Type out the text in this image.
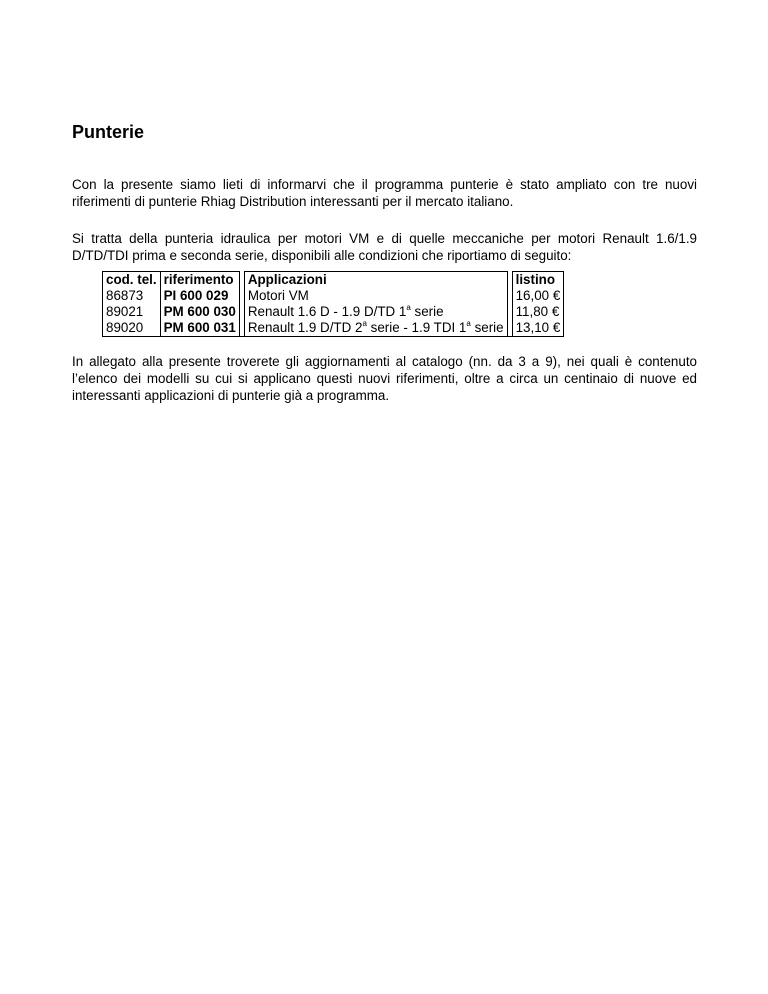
Punterie

Con la presente siamo lieti di informarvi che il programma punterie è stato ampliato con tre nuovi riferimenti di punterie Rhiag Distribution interessanti per il mercato italiano.

Si tratta della punteria idraulica per motori VM e di quelle meccaniche per motori Renault 1.6/1.9 D/TD/TDI prima e seconda serie, disponibili alle condizioni che riportiamo di seguito:

cod. tel.	riferimento		Applicazioni		listino
86873	PI 600 029		Motori VM		16,00 €
89021	PM 600 030		Renault 1.6 D - 1.9 D/TD 1$^a$ serie		11,80 €
89020	PM 600 031		Renault 1.9 D/TD 2$^a$ serie - 1.9 TDI 1$^a$ serie		13,10 €

In allegato alla presente troverete gli aggiornamenti al catalogo (nn. da 3 a 9), nei quali è contenuto l’elenco dei modelli su cui si applicano questi nuovi riferimenti, oltre a circa un centinaio di nuove ed interessanti applicazioni di punterie già a programma.
